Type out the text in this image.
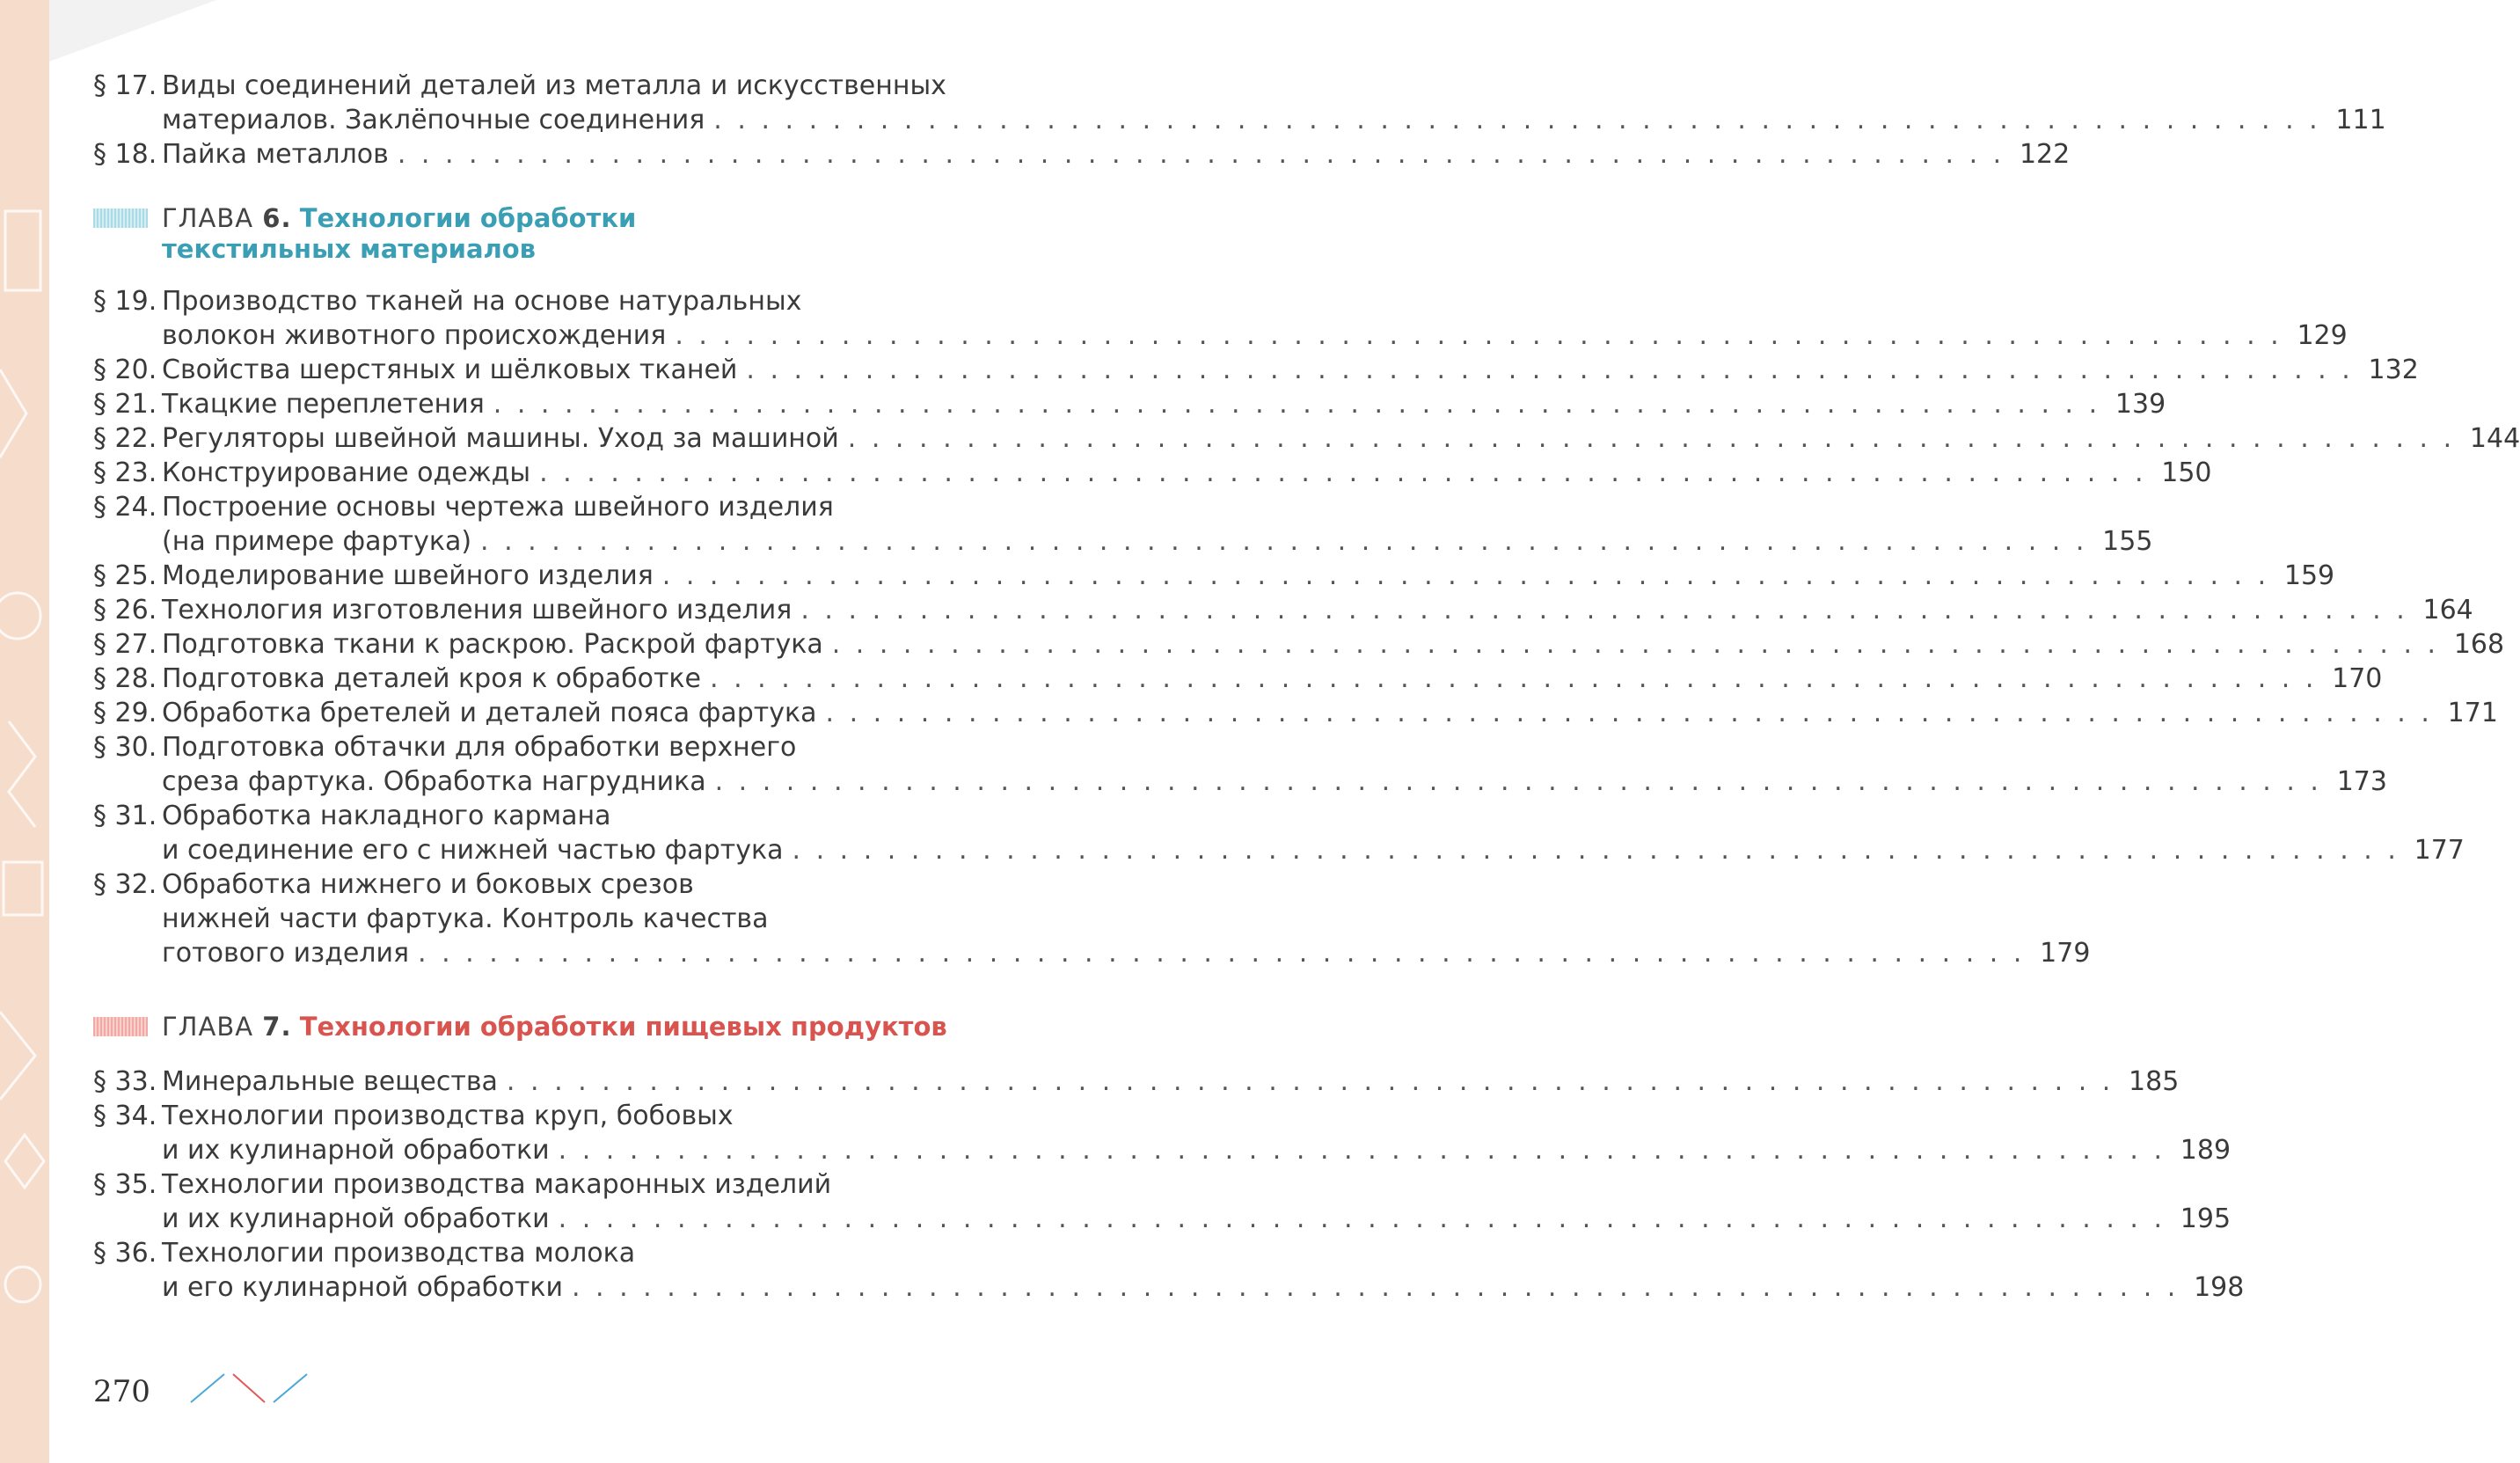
§ 17. Виды соединений деталей из металла и искусственных
материалов. Заклёпочные соединения . . . . . . . . . . . . . . . . . . . . . . . . . . . . . . . . . . . . . . . . . . . . . . . . . . . . . . . . . . . . . . . . . . . . 111
§ 18. Пайка металлов . . . . . . . . . . . . . . . . . . . . . . . . . . . . . . . . . . . . . . . . . . . . . . . . . . . . . . . . . . . . . . . . . . . . 122
ГЛАВА 6. Технологии обработки
текстильных материалов
§ 19. Производство тканей на основе натуральных
волокон животного происхождения . . . . . . . . . . . . . . . . . . . . . . . . . . . . . . . . . . . . . . . . . . . . . . . . . . . . . . . . . . . . . . . . . . . . 129
§ 20. Свойства шерстяных и шёлковых тканей . . . . . . . . . . . . . . . . . . . . . . . . . . . . . . . . . . . . . . . . . . . . . . . . . . . . . . . . . . . . . . . . . . . . 132
§ 21. Ткацкие переплетения . . . . . . . . . . . . . . . . . . . . . . . . . . . . . . . . . . . . . . . . . . . . . . . . . . . . . . . . . . . . . . . . . . . . 139
§ 22. Регуляторы швейной машины. Уход за машиной . . . . . . . . . . . . . . . . . . . . . . . . . . . . . . . . . . . . . . . . . . . . . . . . . . . . . . . . . . . . . . . . . . . . 144
§ 23. Конструирование одежды . . . . . . . . . . . . . . . . . . . . . . . . . . . . . . . . . . . . . . . . . . . . . . . . . . . . . . . . . . . . . . . . . . . . 150
§ 24. Построение основы чертежа швейного изделия
(на примере фартука) . . . . . . . . . . . . . . . . . . . . . . . . . . . . . . . . . . . . . . . . . . . . . . . . . . . . . . . . . . . . . . . . . . . . 155
§ 25. Моделирование швейного изделия . . . . . . . . . . . . . . . . . . . . . . . . . . . . . . . . . . . . . . . . . . . . . . . . . . . . . . . . . . . . . . . . . . . . 159
§ 26. Технология изготовления швейного изделия . . . . . . . . . . . . . . . . . . . . . . . . . . . . . . . . . . . . . . . . . . . . . . . . . . . . . . . . . . . . . . . . . . . . 164
§ 27. Подготовка ткани к раскрою. Раскрой фартука . . . . . . . . . . . . . . . . . . . . . . . . . . . . . . . . . . . . . . . . . . . . . . . . . . . . . . . . . . . . . . . . . . . . 168
§ 28. Подготовка деталей кроя к обработке . . . . . . . . . . . . . . . . . . . . . . . . . . . . . . . . . . . . . . . . . . . . . . . . . . . . . . . . . . . . . . . . . . . . 170
§ 29. Обработка бретелей и деталей пояса фартука . . . . . . . . . . . . . . . . . . . . . . . . . . . . . . . . . . . . . . . . . . . . . . . . . . . . . . . . . . . . . . . . . . . . 171
§ 30. Подготовка обтачки для обработки верхнего
среза фартука. Обработка нагрудника . . . . . . . . . . . . . . . . . . . . . . . . . . . . . . . . . . . . . . . . . . . . . . . . . . . . . . . . . . . . . . . . . . . . 173
§ 31. Обработка накладного кармана
и соединение его с нижней частью фартука . . . . . . . . . . . . . . . . . . . . . . . . . . . . . . . . . . . . . . . . . . . . . . . . . . . . . . . . . . . . . . . . . . . . 177
§ 32. Обработка нижнего и боковых срезов
нижней части фартука. Контроль качества
готового изделия . . . . . . . . . . . . . . . . . . . . . . . . . . . . . . . . . . . . . . . . . . . . . . . . . . . . . . . . . . . . . . . . . . . . 179
ГЛАВА 7. Технологии обработки пищевых продуктов
§ 33. Минеральные вещества . . . . . . . . . . . . . . . . . . . . . . . . . . . . . . . . . . . . . . . . . . . . . . . . . . . . . . . . . . . . . . . . . . . . 185
§ 34. Технологии производства круп, бобовых
и их кулинарной обработки . . . . . . . . . . . . . . . . . . . . . . . . . . . . . . . . . . . . . . . . . . . . . . . . . . . . . . . . . . . . . . . . . . . . 189
§ 35. Технологии производства макаронных изделий
и их кулинарной обработки . . . . . . . . . . . . . . . . . . . . . . . . . . . . . . . . . . . . . . . . . . . . . . . . . . . . . . . . . . . . . . . . . . . . 195
§ 36. Технологии производства молока
и его кулинарной обработки . . . . . . . . . . . . . . . . . . . . . . . . . . . . . . . . . . . . . . . . . . . . . . . . . . . . . . . . . . . . . . . . . . . . 198
270
